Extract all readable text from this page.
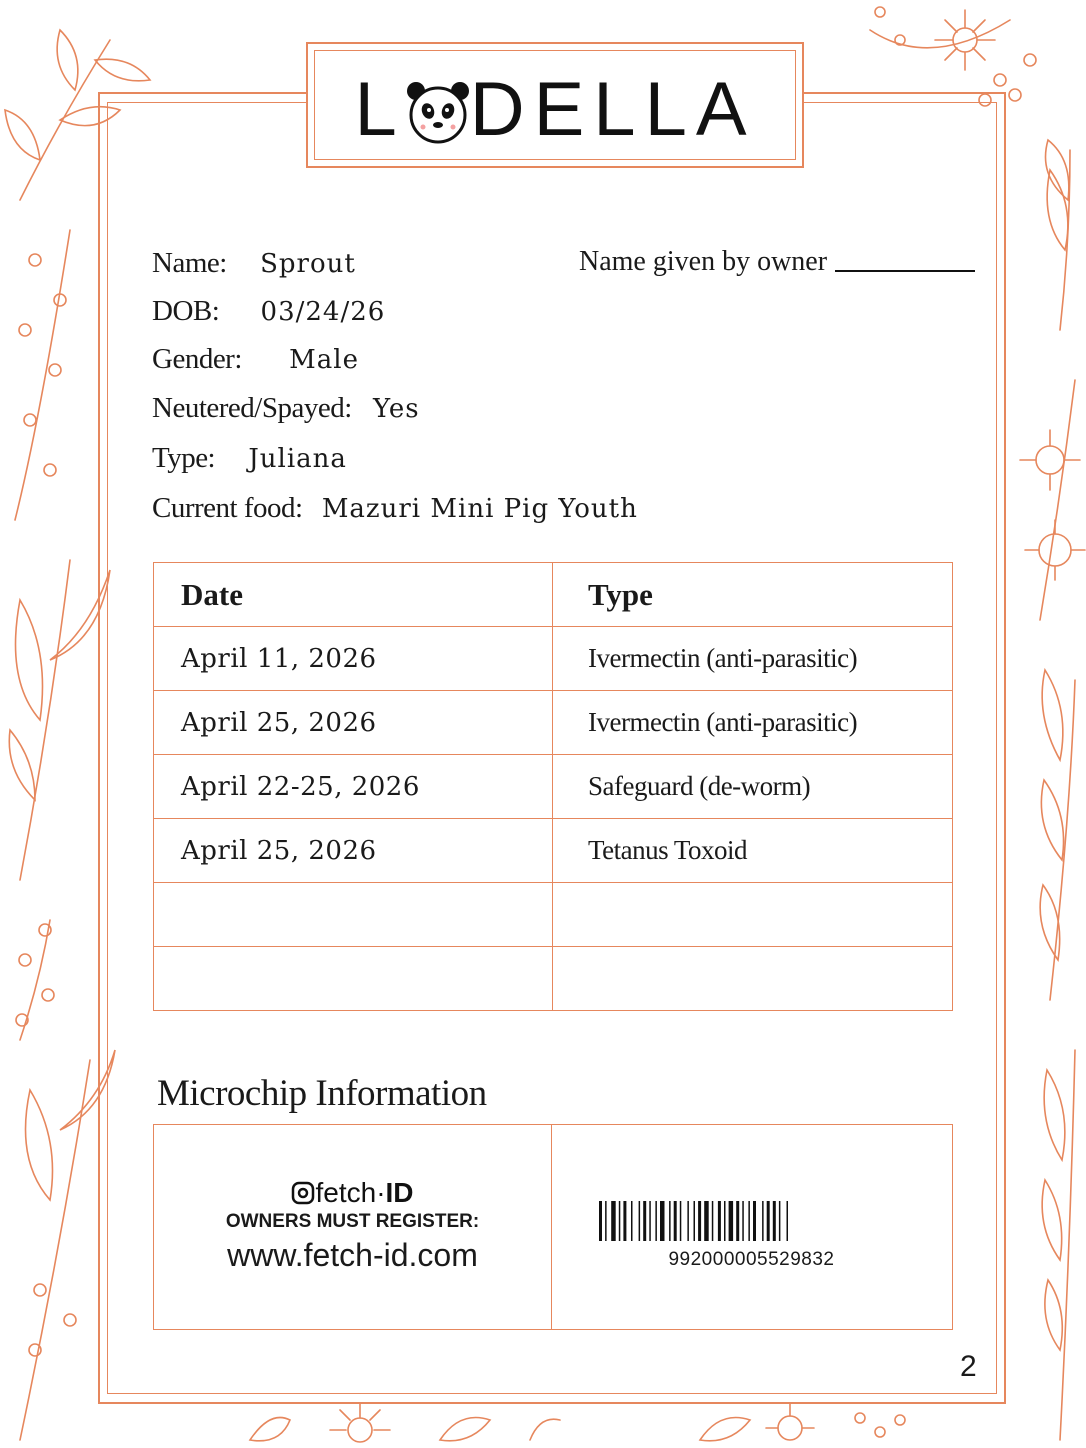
L DELLA
Name: Sprout	Name given by owner
DOB: 03/24/26
Gender: Male
Neutered/Spayed: Yes
Type: Juliana
Current food: Mazuri Mini Pig Youth
Date	Type
April 11, 2026	Ivermectin (anti-parasitic)
April 25, 2026	Ivermectin (anti-parasitic)
April 22-25, 2026	Safeguard (de-worm)
April 25, 2026	Tetanus Toxoid

Microchip Information
fetch·ID
OWNERS MUST REGISTER:
www.fetch-id.com	992000005529832
2
